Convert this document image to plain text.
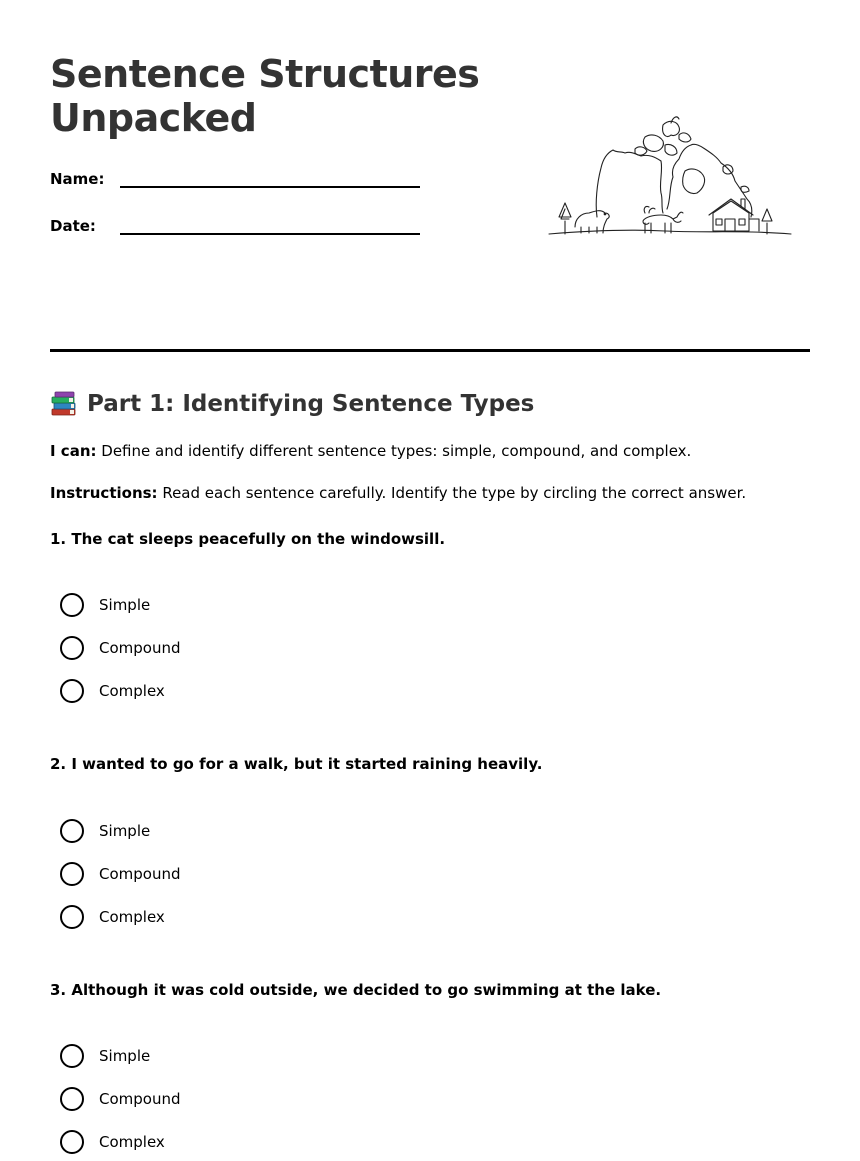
Sentence Structures
Unpacked
Name:
Date:
Part 1: Identifying Sentence Types

I can: Define and identify different sentence types: simple, compound, and complex.

Instructions: Read each sentence carefully. Identify the type by circling the correct answer.

1. The cat sleeps peacefully on the windowsill.

Simple
Compound
Complex

2. I wanted to go for a walk, but it started raining heavily.

Simple
Compound
Complex

3. Although it was cold outside, we decided to go swimming at the lake.

Simple
Compound
Complex
